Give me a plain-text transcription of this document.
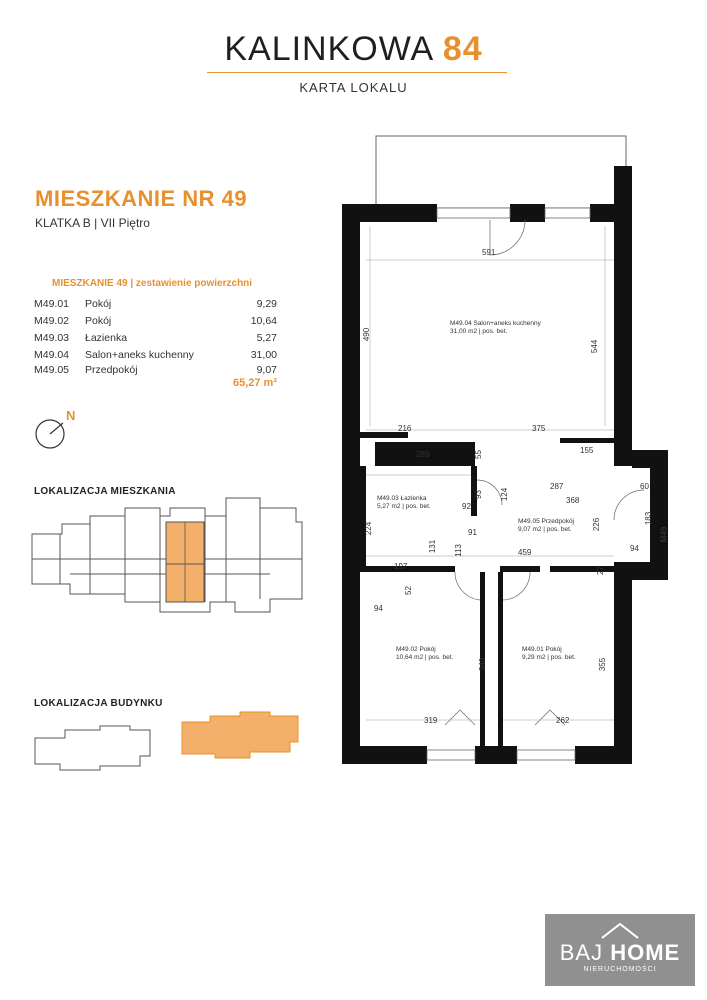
KALINKOWA 84
KARTA LOKALU
MIESZKANIE NR 49
KLATKA B | VII Piętro
MIESZKANIE 49 | zestawienie powierzchni
M49.01 Pokój	9,29
M49.02 Pokój	10,64
M49.03 Łazienka	5,27
M49.04 Salon+aneks kuchenny	31,00
M49.05 Przedpokój	9,07
65,27 m²
N
LOKALIZACJA MIESZKANIA
LOKALIZACJA BUDYNKU
591
490
544
216	375
155
55
289
93
287
368
60
92
124
183
91
226
224
131 113	459	94
197	27
52
94
349	355
319	262
M49.04 Salon+aneks kuchenny
31,00 m2 | pos. bet.
M49.03 Łazienka
5,27 m2 | pos. bet.
M49.05 Przedpokój
9,07 m2 | pos. bet.
M49.02 Pokój
10,64 m2 | pos. bet.
M49.01 Pokój
9,29 m2 | pos. bet.
M49
BAJ HOME
NIERUCHOMOŚCI
